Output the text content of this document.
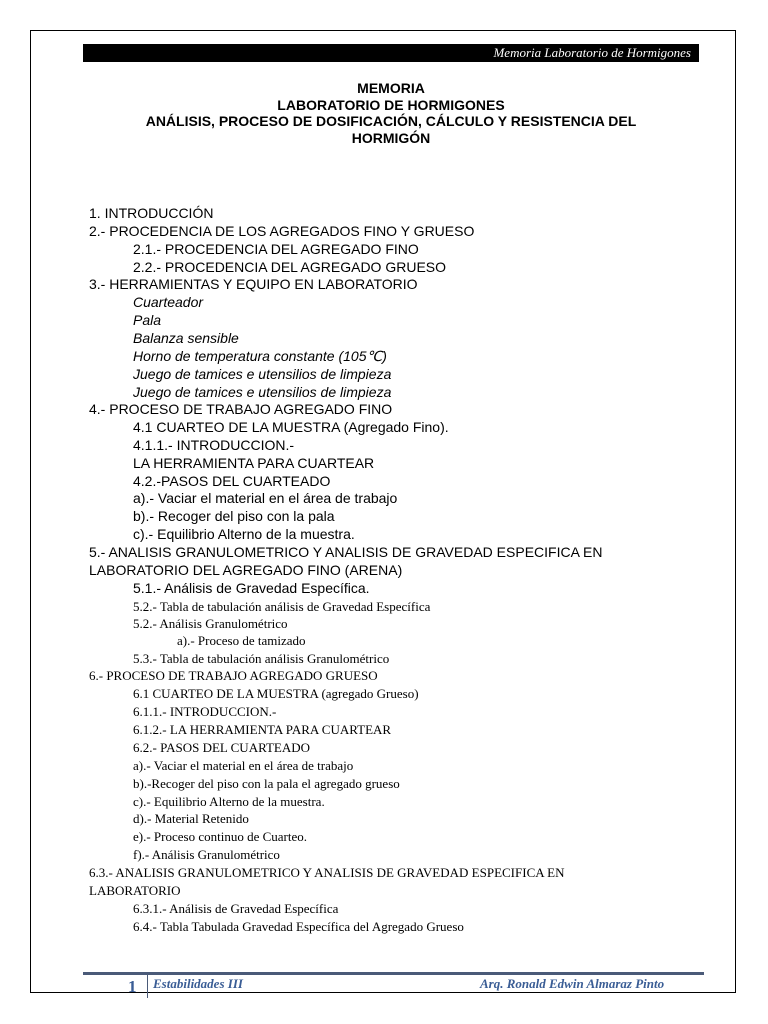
Memoria Laboratorio de Hormigones
MEMORIA
LABORATORIO DE HORMIGONES
ANÁLISIS, PROCESO DE DOSIFICACIÓN, CÁLCULO Y RESISTENCIA DEL
HORMIGÓN
1. INTRODUCCIÓN
2.- PROCEDENCIA DE LOS AGREGADOS FINO Y GRUESO
2.1.- PROCEDENCIA DEL AGREGADO FINO
2.2.- PROCEDENCIA DEL AGREGADO GRUESO
3.- HERRAMIENTAS Y EQUIPO EN LABORATORIO
Cuarteador
Pala
Balanza sensible
Horno de temperatura constante (105℃)
Juego de tamices e utensilios de limpieza
Juego de tamices e utensilios de limpieza
4.- PROCESO DE TRABAJO AGREGADO FINO
4.1 CUARTEO DE LA MUESTRA (Agregado Fino).
4.1.1.- INTRODUCCION.-
LA HERRAMIENTA PARA CUARTEAR
4.2.-PASOS DEL CUARTEADO
a).- Vaciar el material en el área de trabajo
b).- Recoger del piso con la pala
c).- Equilibrio Alterno de la muestra.
5.- ANALISIS GRANULOMETRICO Y ANALISIS DE GRAVEDAD ESPECIFICA EN
LABORATORIO DEL AGREGADO FINO (ARENA)
5.1.- Análisis de Gravedad Específica.
5.2.- Tabla de tabulación análisis de Gravedad Específica
5.2.- Análisis Granulométrico
a).- Proceso de tamizado
5.3.- Tabla de tabulación análisis Granulométrico
6.- PROCESO DE TRABAJO AGREGADO GRUESO
6.1 CUARTEO DE LA MUESTRA (agregado Grueso)
6.1.1.- INTRODUCCION.-
6.1.2.- LA HERRAMIENTA PARA CUARTEAR
6.2.- PASOS DEL CUARTEADO
a).- Vaciar el material en el área de trabajo
b).-Recoger del piso con la pala el agregado grueso
c).- Equilibrio Alterno de la muestra.
d).- Material Retenido
e).- Proceso continuo de Cuarteo.
f).- Análisis Granulométrico
6.3.- ANALISIS GRANULOMETRICO Y ANALISIS DE GRAVEDAD ESPECIFICA EN
LABORATORIO
6.3.1.- Análisis de Gravedad Específica
6.4.- Tabla Tabulada Gravedad Específica del Agregado Grueso
1 Estabilidades III	Arq. Ronald Edwin Almaraz Pinto
